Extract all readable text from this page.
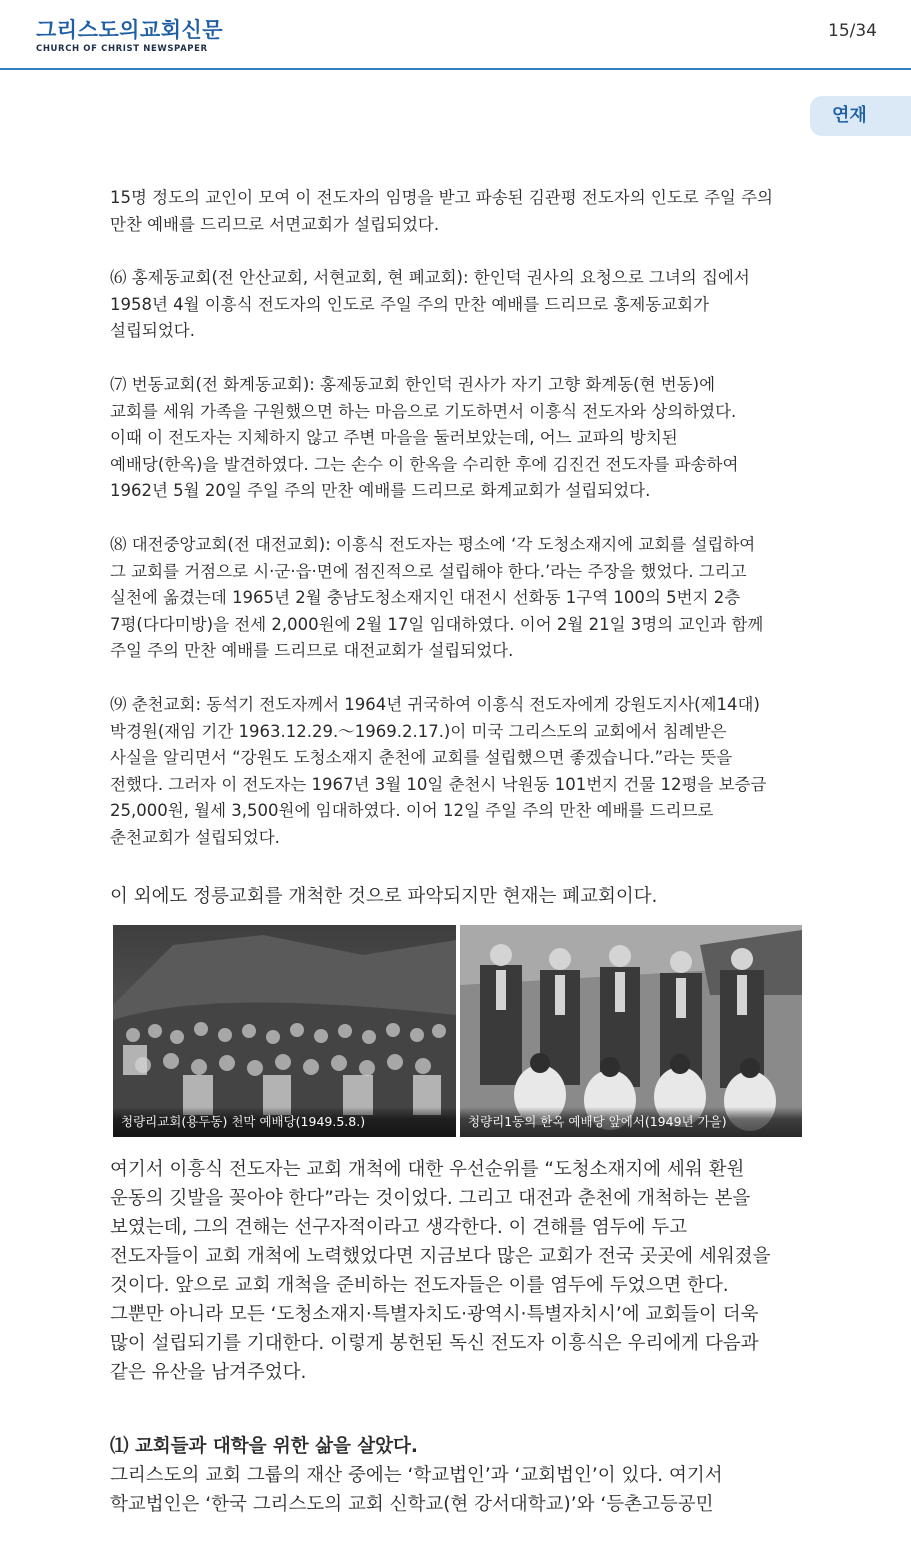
그리스도의교회신문
CHURCH OF CHRIST NEWSPAPER
15/34
연재
15명 정도의 교인이 모여 이 전도자의 임명을 받고 파송된 김관평 전도자의 인도로 주일 주의
만찬 예배를 드리므로 서면교회가 설립되었다.
⑹ 홍제동교회(전 안산교회, 서현교회, 현 폐교회): 한인덕 권사의 요청으로 그녀의 집에서
1958년 4월 이흥식 전도자의 인도로 주일 주의 만찬 예배를 드리므로 홍제동교회가
설립되었다.
⑺ 번동교회(전 화계동교회): 홍제동교회 한인덕 권사가 자기 고향 화계동(현 번동)에
교회를 세워 가족을 구원했으면 하는 마음으로 기도하면서 이흥식 전도자와 상의하였다.
이때 이 전도자는 지체하지 않고 주변 마을을 둘러보았는데, 어느 교파의 방치된
예배당(한옥)을 발견하였다. 그는 손수 이 한옥을 수리한 후에 김진건 전도자를 파송하여
1962년 5월 20일 주일 주의 만찬 예배를 드리므로 화계교회가 설립되었다.
⑻ 대전중앙교회(전 대전교회): 이흥식 전도자는 평소에 ‘각 도청소재지에 교회를 설립하여
그 교회를 거점으로 시·군·읍·면에 점진적으로 설립해야 한다.’라는 주장을 했었다. 그리고
실천에 옮겼는데 1965년 2월 충남도청소재지인 대전시 선화동 1구역 100의 5번지 2층
7평(다다미방)을 전세 2,000원에 2월 17일 임대하였다. 이어 2월 21일 3명의 교인과 함께
주일 주의 만찬 예배를 드리므로 대전교회가 설립되었다.
⑼ 춘천교회: 동석기 전도자께서 1964년 귀국하여 이흥식 전도자에게 강원도지사(제14대)
박경원(재임 기간 1963.12.29.～1969.2.17.)이 미국 그리스도의 교회에서 침례받은
사실을 알리면서 “강원도 도청소재지 춘천에 교회를 설립했으면 좋겠습니다.”라는 뜻을
전했다. 그러자 이 전도자는 1967년 3월 10일 춘천시 낙원동 101번지 건물 12평을 보증금
25,000원, 월세 3,500원에 임대하였다. 이어 12일 주일 주의 만찬 예배를 드리므로
춘천교회가 설립되었다.
이 외에도 정릉교회를 개척한 것으로 파악되지만 현재는 폐교회이다.
청량리교회(용두동) 천막 예배당(1949.5.8.)	청량리1동의 한옥 예배당 앞에서(1949년 가을)
여기서 이흥식 전도자는 교회 개척에 대한 우선순위를 “도청소재지에 세워 환원
운동의 깃발을 꽂아야 한다”라는 것이었다. 그리고 대전과 춘천에 개척하는 본을
보였는데, 그의 견해는 선구자적이라고 생각한다. 이 견해를 염두에 두고
전도자들이 교회 개척에 노력했었다면 지금보다 많은 교회가 전국 곳곳에 세워졌을
것이다. 앞으로 교회 개척을 준비하는 전도자들은 이를 염두에 두었으면 한다.
그뿐만 아니라 모든 ‘도청소재지·특별자치도·광역시·특별자치시’에 교회들이 더욱
많이 설립되기를 기대한다. 이렇게 봉헌된 독신 전도자 이흥식은 우리에게 다음과
같은 유산을 남겨주었다.
⑴ 교회들과 대학을 위한 삶을 살았다.
그리스도의 교회 그룹의 재산 중에는 ‘학교법인’과 ‘교회법인’이 있다. 여기서
학교법인은 ‘한국 그리스도의 교회 신학교(현 강서대학교)’와 ‘등촌고등공민
